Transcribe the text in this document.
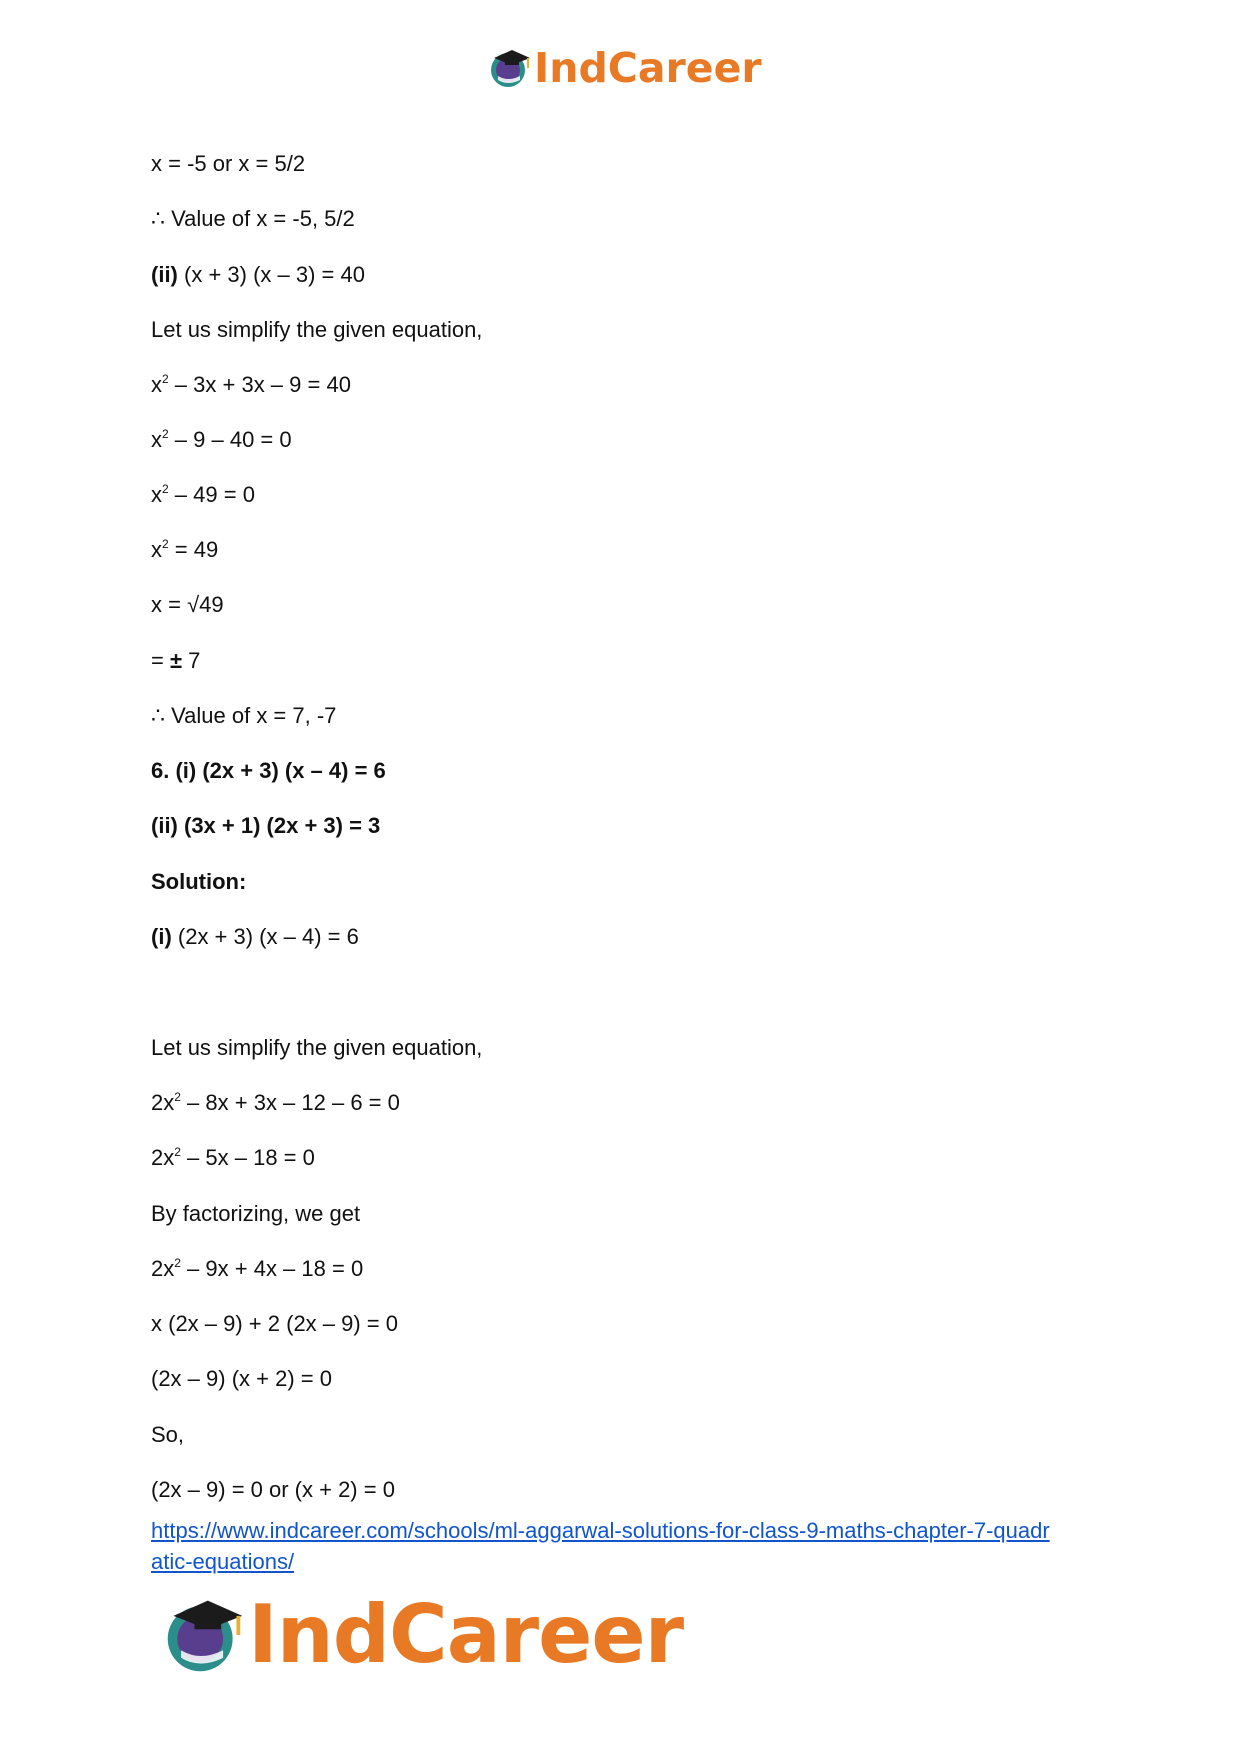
IndCareer
x = -5 or x = 5/2
∴ Value of x = -5, 5/2
(ii) (x + 3) (x – 3) = 40
Let us simplify the given equation,
$x^2 - 3x + 3x - 9 = 40$
$x^2 - 9 - 40 = 0$
$x^2 - 49 = 0$
$x^2 = 49$
x = √49
= ± 7
∴ Value of x = 7, -7
6. (i) (2x + 3) (x – 4) = 6
(ii) (3x + 1) (2x + 3) = 3
Solution:
(i) (2x + 3) (x – 4) = 6
Let us simplify the given equation,
$2x^2 - 8x + 3x - 12 - 6 = 0$
$2x^2 - 5x - 18 = 0$
By factorizing, we get
$2x^2 - 9x + 4x - 18 = 0$
x (2x – 9) + 2 (2x – 9) = 0
(2x – 9) (x + 2) = 0
So,
(2x – 9) = 0 or (x + 2) = 0
https://www.indcareer.com/schools/ml-aggarwal-solutions-for-class-9-maths-chapter-7-quadr
atic-equations/
IndCareer
